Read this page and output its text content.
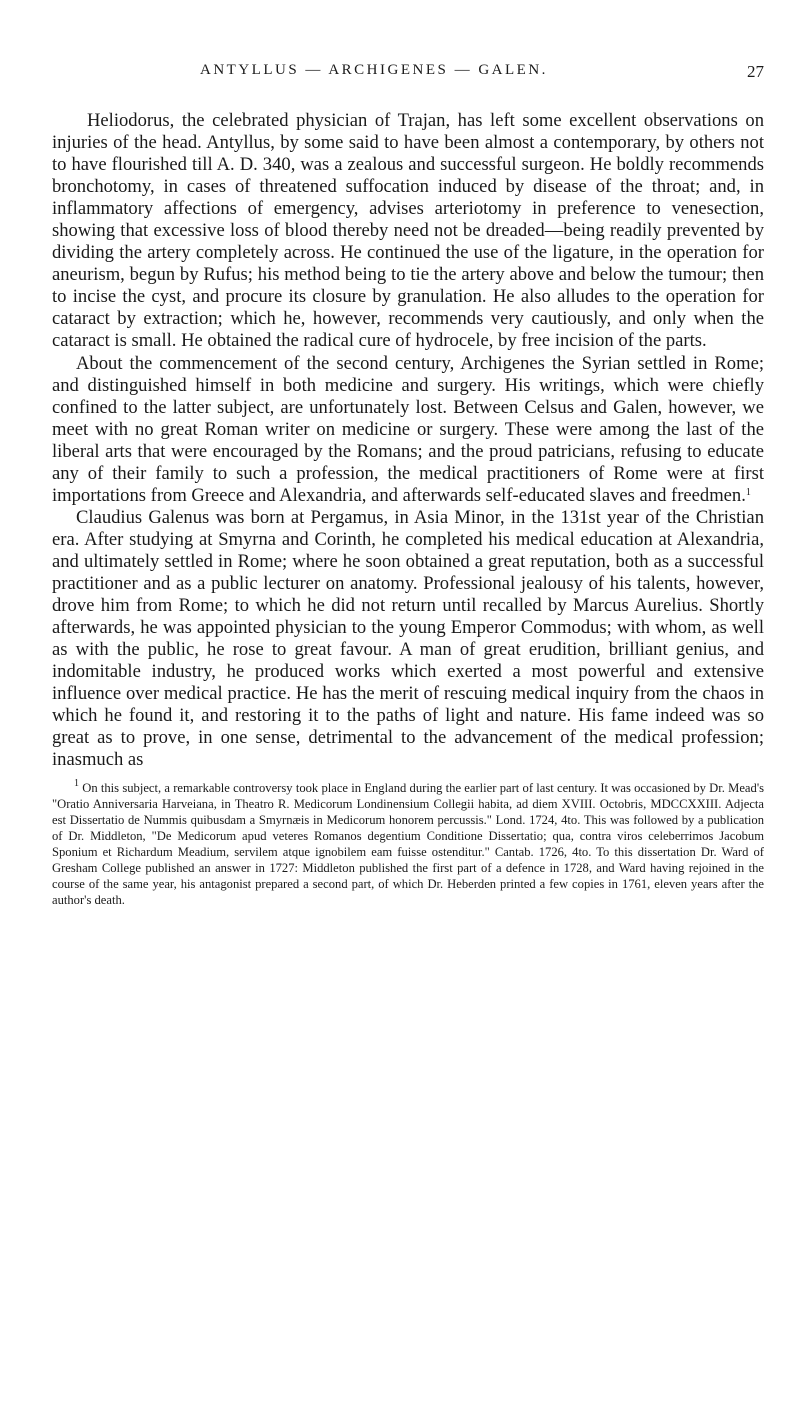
ANTYLLUS — ARCHIGENES — GALEN.	27

Heliodorus, the celebrated physician of Trajan, has left some excellent observations on injuries of the head. Antyllus, by some said to have been almost a contemporary, by others not to have flourished till A. D. 340, was a zealous and successful surgeon. He boldly recommends bronchotomy, in cases of threatened suffocation induced by disease of the throat; and, in inflammatory affections of emergency, advises arteriotomy in preference to venesection, showing that excessive loss of blood thereby need not be dreaded—being readily prevented by dividing the artery completely across. He continued the use of the ligature, in the operation for aneurism, begun by Rufus; his method being to tie the artery above and below the tumour; then to incise the cyst, and procure its closure by granulation. He also alludes to the operation for cataract by extraction; which he, however, recommends very cautiously, and only when the cataract is small. He obtained the radical cure of hydrocele, by free incision of the parts.

About the commencement of the second century, Archigenes the Syrian settled in Rome; and distinguished himself in both medicine and surgery. His writings, which were chiefly confined to the latter subject, are unfortunately lost. Between Celsus and Galen, however, we meet with no great Roman writer on medicine or surgery. These were among the last of the liberal arts that were encouraged by the Romans; and the proud patricians, refusing to educate any of their family to such a profession, the medical practitioners of Rome were at first importations from Greece and Alexandria, and afterwards self-educated slaves and freedmen.$^1$

Claudius Galenus was born at Pergamus, in Asia Minor, in the 131st year of the Christian era. After studying at Smyrna and Corinth, he completed his medical education at Alexandria, and ultimately settled in Rome; where he soon obtained a great reputation, both as a successful practitioner and as a public lecturer on anatomy. Professional jealousy of his talents, however, drove him from Rome; to which he did not return until recalled by Marcus Aurelius. Shortly afterwards, he was appointed physician to the young Emperor Commodus; with whom, as well as with the public, he rose to great favour. A man of great erudition, brilliant genius, and indomitable industry, he produced works which exerted a most powerful and extensive influence over medical practice. He has the merit of rescuing medical inquiry from the chaos in which he found it, and restoring it to the paths of light and nature. His fame indeed was so great as to prove, in one sense, detrimental to the advancement of the medical profession; inasmuch as

$^1$ On this subject, a remarkable controversy took place in England during the earlier part of last century. It was occasioned by Dr. Mead's "Oratio Anniversaria Harveiana, in Theatro R. Medicorum Londinensium Collegii habita, ad diem XVIII. Octobris, MDCCXXIII. Adjecta est Dissertatio de Nummis quibusdam a Smyrnæis in Medicorum honorem percussis." Lond. 1724, 4to. This was followed by a publication of Dr. Middleton, "De Medicorum apud veteres Romanos degentium Conditione Dissertatio; qua, contra viros celeberrimos Jacobum Sponium et Richardum Meadium, servilem atque ignobilem eam fuisse ostenditur." Cantab. 1726, 4to. To this dissertation Dr. Ward of Gresham College published an answer in 1727: Middleton published the first part of a defence in 1728, and Ward having rejoined in the course of the same year, his antagonist prepared a second part, of which Dr. Heberden printed a few copies in 1761, eleven years after the author's death.
